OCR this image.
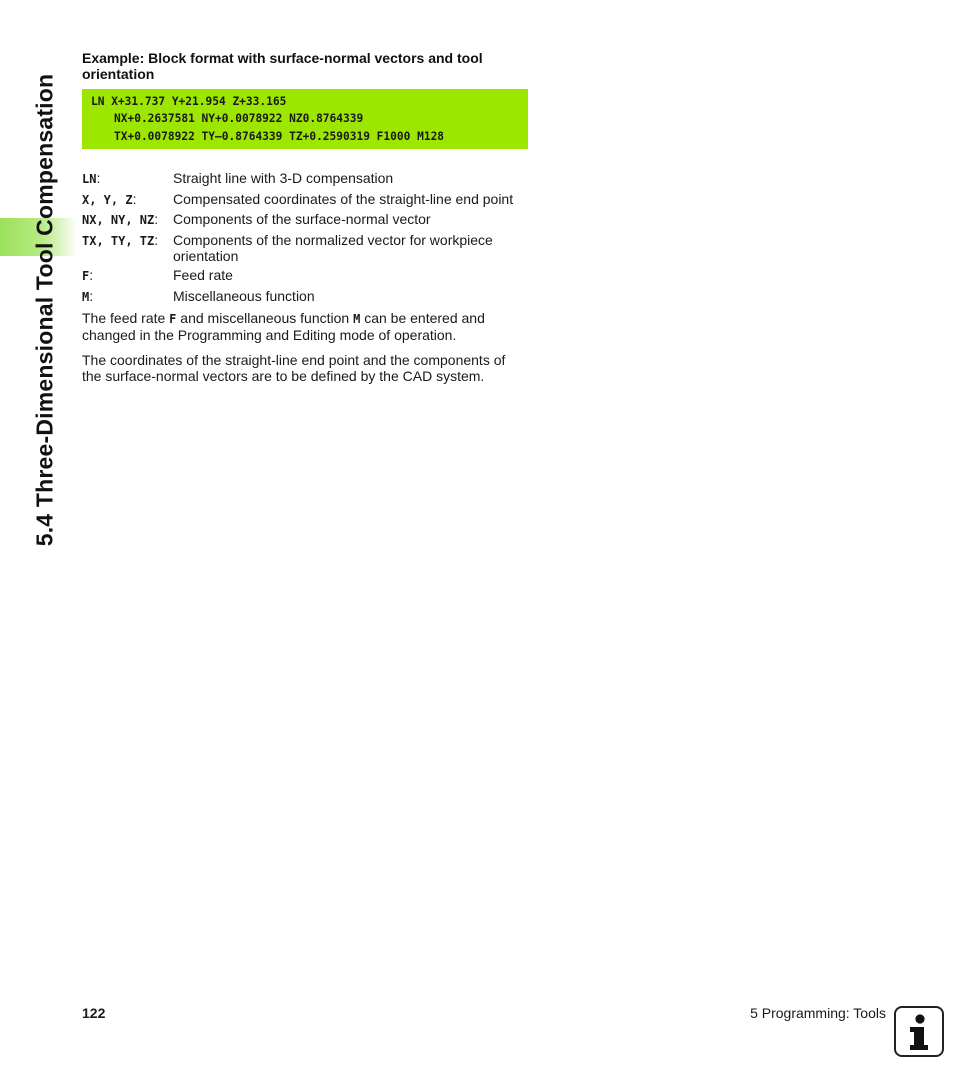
5.4 Three-Dimensional Tool Compensation
Example: Block format with surface-normal vectors and tool orientation
LN X+31.737 Y+21.954 Z+33.165
NX+0.2637581 NY+0.0078922 NZ0.8764339
TX+0.0078922 TY–0.8764339 TZ+0.2590319 F1000 M128
LN:	Straight line with 3-D compensation
X, Y, Z:	Compensated coordinates of the straight-line end point
NX, NY, NZ:	Components of the surface-normal vector
TX, TY, TZ:	Components of the normalized vector for workpiece orientation
F:	Feed rate
M:	Miscellaneous function
The feed rate F and miscellaneous function M can be entered and changed in the Programming and Editing mode of operation.
The coordinates of the straight-line end point and the components of the surface-normal vectors are to be defined by the CAD system.
122	5 Programming: Tools
